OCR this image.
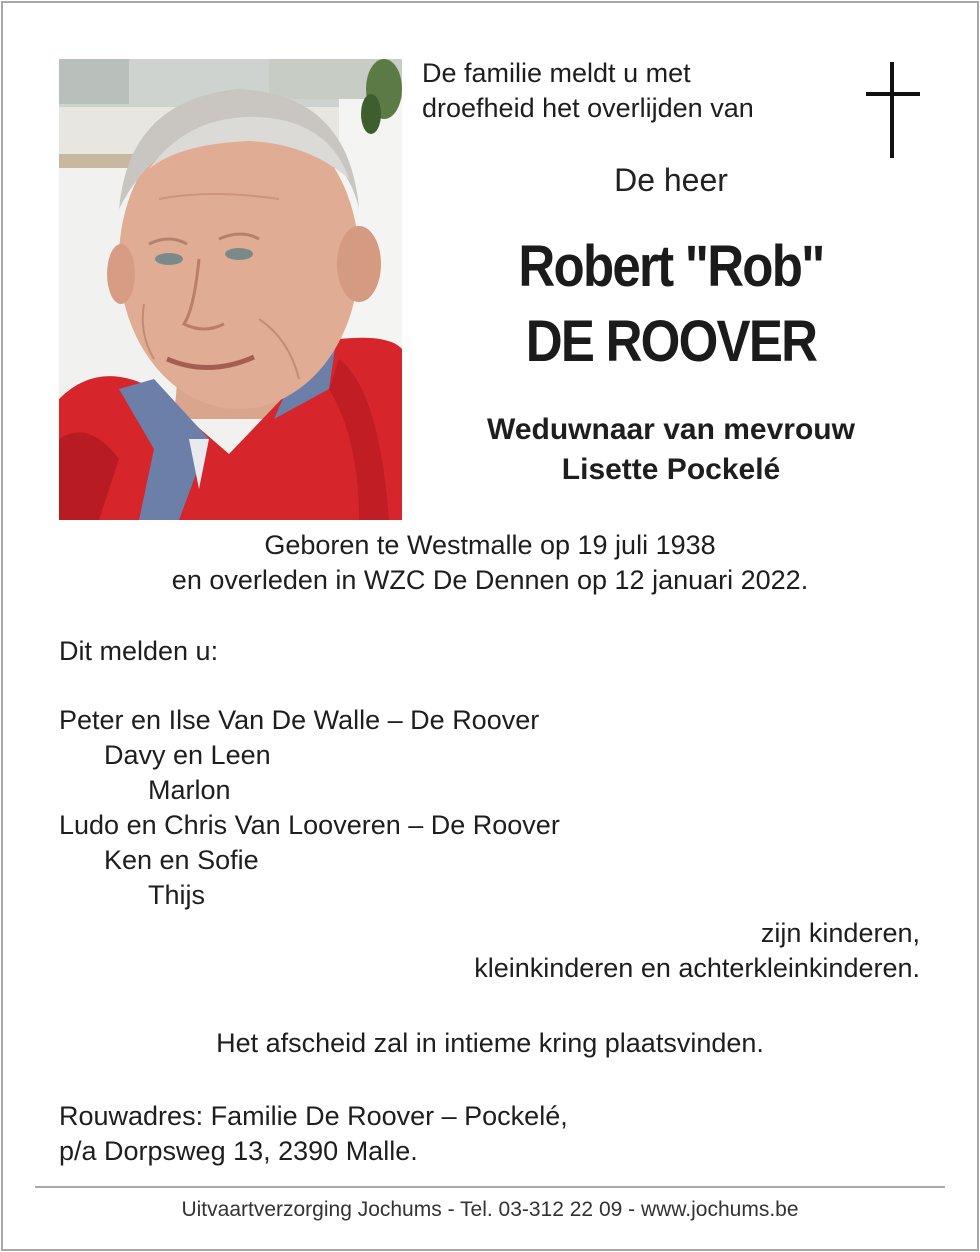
De familie meldt u met
droefheid het overlijden van
De heer
Robert "Rob"
DE ROOVER
Weduwnaar van mevrouw
Lisette Pockelé
Geboren te Westmalle op 19 juli 1938
en overleden in WZC De Dennen op 12 januari 2022.
Dit melden u:
Peter en Ilse Van De Walle – De Roover
Davy en Leen
Marlon
Ludo en Chris Van Looveren – De Roover
Ken en Sofie
Thijs
zijn kinderen,
kleinkinderen en achterkleinkinderen.
Het afscheid zal in intieme kring plaatsvinden.
Rouwadres: Familie De Roover – Pockelé,
p/a Dorpsweg 13, 2390 Malle.
Uitvaartverzorging Jochums - Tel. 03-312 22 09 - www.jochums.be
